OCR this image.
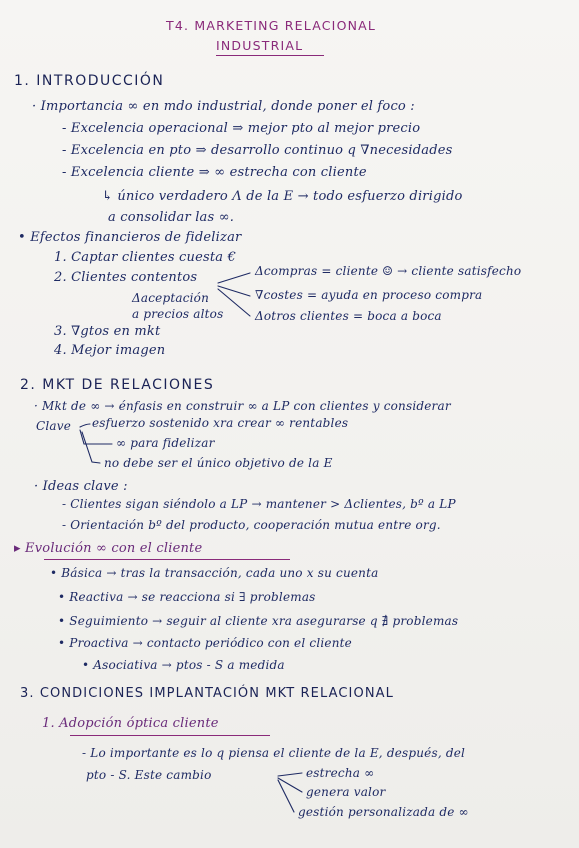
T4. MARKETING RELACIONAL
INDUSTRIAL
1. INTRODUCCIÓN
· Importancia ∞ en mdo industrial, donde poner el foco :
- Excelencia operacional ⇒ mejor pto al mejor precio
- Excelencia en pto ⇒ desarrollo continuo q ∇necesidades
- Excelencia cliente ⇒ ∞ estrecha con cliente
↳ único verdadero Λ de la E → todo esfuerzo dirigido
a consolidar las ∞.
• Efectos financieros de fidelizar
1. Captar clientes cuesta €
2. Clientes contentos	Δcompras = cliente ☺ → cliente satisfecho
∇costes = ayuda en proceso compra
Δotros clientes = boca a boca
Δaceptación
a precios altos
3. ∇gtos en mkt
4. Mejor imagen
2. MKT DE RELACIONES
· Mkt de ∞ → énfasis en construir ∞ a LP con clientes y considerar
Clave esfuerzo sostenido xra crear ∞ rentables
∞ para fidelizar
no debe ser el único objetivo de la E
· Ideas clave :
- Clientes sigan siéndolo a LP → mantener > Δclientes, bº a LP
- Orientación bº del producto, cooperación mutua entre org.
▸ Evolución ∞ con el cliente
• Básica → tras la transacción, cada uno x su cuenta
• Reactiva → se reacciona si ∃ problemas
• Seguimiento → seguir al cliente xra asegurarse q ∄ problemas
• Proactiva → contacto periódico con el cliente
• Asociativa → ptos - S a medida
3. CONDICIONES IMPLANTACIÓN MKT RELACIONAL
1. Adopción óptica cliente
- Lo importante es lo q piensa el cliente de la E, después, del
pto - S. Este cambio	estrecha ∞
genera valor
gestión personalizada de ∞
